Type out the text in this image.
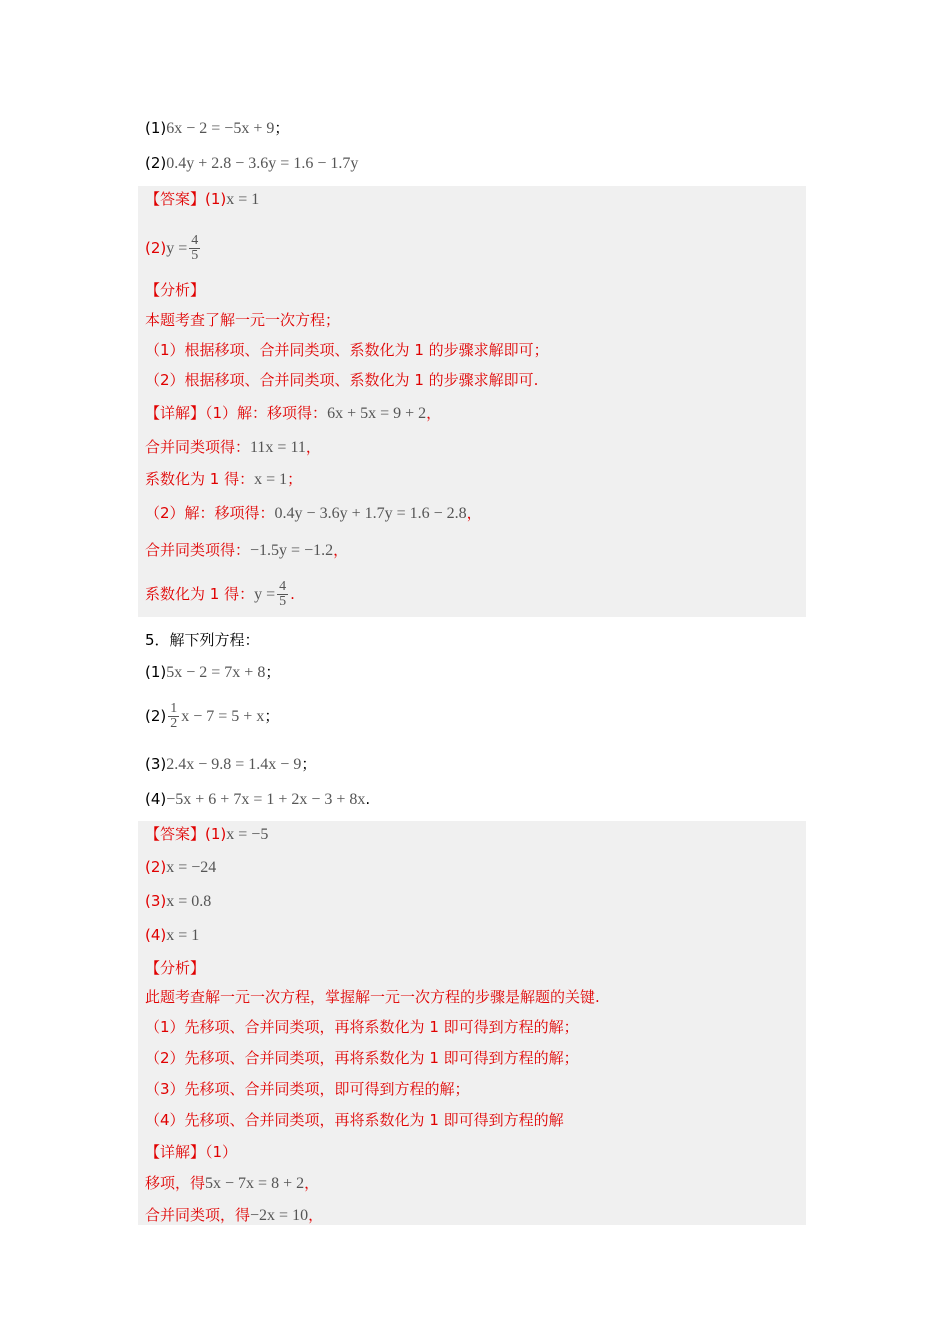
(1)6x − 2 = −5x + 9；
(2)0.4y + 2.8 − 3.6y = 1.6 − 1.7y
【答案】(1)x = 1
$(2)y = \frac{4}{5}$
【分析】
本题考查了解一元一次方程；
（1）根据移项、合并同类项、系数化为 1 的步骤求解即可；
（2）根据移项、合并同类项、系数化为 1 的步骤求解即可.
【详解】（1）解：移项得：6x + 5x = 9 + 2，
合并同类项得：11x = 11，
系数化为 1 得：x = 1；
（2）解：移项得：0.4y − 3.6y + 1.7y = 1.6 − 2.8，
合并同类项得：−1.5y = −1.2，
系数化为 1 得：$y = \frac{4}{5}$ .
5．解下列方程：
(1)5x − 2 = 7x + 8；
$(2) \frac{1}{2}$ x − 7 = 5 + x；
(3)2.4x − 9.8 = 1.4x − 9；
(4)−5x + 6 + 7x = 1 + 2x − 3 + 8x.
【答案】(1)x = −5
(2)x = −24
(3)x = 0.8
(4)x = 1
【分析】
此题考查解一元一次方程，掌握解一元一次方程的步骤是解题的关键.
（1）先移项、合并同类项，再将系数化为 1 即可得到方程的解；
（2）先移项、合并同类项，再将系数化为 1 即可得到方程的解；
（3）先移项、合并同类项，即可得到方程的解；
（4）先移项、合并同类项，再将系数化为 1 即可得到方程的解
【详解】（1）
移项，得5x − 7x = 8 + 2，
合并同类项，得−2x = 10，
